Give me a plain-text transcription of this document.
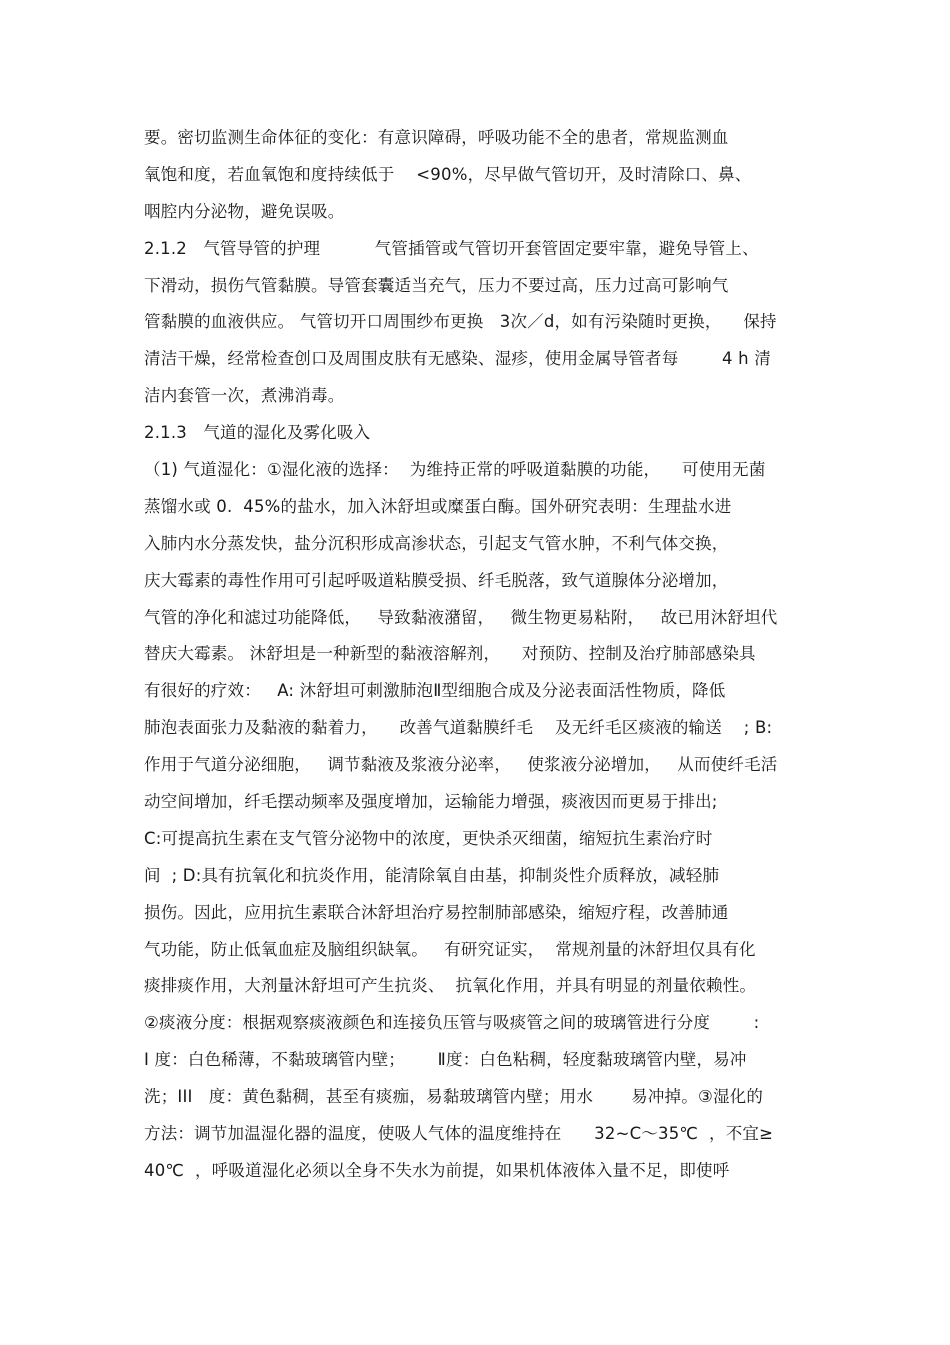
要。密切监测生命体征的变化：有意识障碍，呼吸功能不全的患者，常规监测血
氧饱和度，若血氧饱和度持续低于    <90%，尽早做气管切开，及时清除口、鼻、
咽腔内分泌物，避免误吸。
2.1.2   气管导管的护理          气管插管或气管切开套管固定要牢靠，避免导管上、
下滑动，损伤气管黏膜。导管套囊适当充气，压力不要过高，压力过高可影响气
管黏膜的血液供应。 气管切开口周围纱布更换   3次／d，如有污染随时更换，    保持
清洁干燥，经常检查创口及周围皮肤有无感染、湿疹，使用金属导管者每        4 h 清
洁内套管一次，煮沸消毒。
2.1.3   气道的湿化及雾化吸入
（1) 气道湿化：①湿化液的选择：  为维持正常的呼吸道黏膜的功能，    可使用无菌
蒸馏水或 0.  45%的盐水，加入沐舒坦或糜蛋白酶。国外研究表明：生理盐水进
入肺内水分蒸发快，盐分沉积形成高渗状态，引起支气管水肿，不利气体交换，
庆大霉素的毒性作用可引起呼吸道粘膜受损、纤毛脱落，致气道腺体分泌增加，
气管的净化和滤过功能降低，   导致黏液潴留，   微生物更易粘附，   故已用沐舒坦代
替庆大霉素。 沐舒坦是一种新型的黏液溶解剂，    对预防、控制及治疗肺部感染具
有很好的疗效：   A: 沐舒坦可刺激肺泡Ⅱ型细胞合成及分泌表面活性物质，降低
肺泡表面张力及黏液的黏着力，    改善气道黏膜纤毛    及无纤毛区痰液的输送    ; B:
作用于气道分泌细胞，   调节黏液及浆液分泌率，   使浆液分泌增加，   从而使纤毛活
动空间增加，纤毛摆动频率及强度增加，运输能力增强，痰液因而更易于排出;
C:可提高抗生素在支气管分泌物中的浓度，更快杀灭细菌，缩短抗生素治疗时
间  ; D:具有抗氧化和抗炎作用，能清除氧自由基，抑制炎性介质释放，减轻肺
损伤。因此，应用抗生素联合沐舒坦治疗易控制肺部感染，缩短疗程，改善肺通
气功能，防止低氧血症及脑组织缺氧。   有研究证实，  常规剂量的沐舒坦仅具有化
痰排痰作用，大剂量沐舒坦可产生抗炎、  抗氧化作用，并具有明显的剂量依赖性。
②痰液分度：根据观察痰液颜色和连接负压管与吸痰管之间的玻璃管进行分度        :
I 度：白色稀薄，不黏玻璃管内壁；      Ⅱ度：白色粘稠，轻度黏玻璃管内壁，易冲
洗；III   度：黄色黏稠，甚至有痰痂，易黏玻璃管内壁；用水       易冲掉。③湿化的
方法：调节加温湿化器的温度，使吸人气体的温度维持在      32~C～35℃  ，不宜≥
40℃  ，呼吸道湿化必须以全身不失水为前提，如果机体液体入量不足，即使呼
